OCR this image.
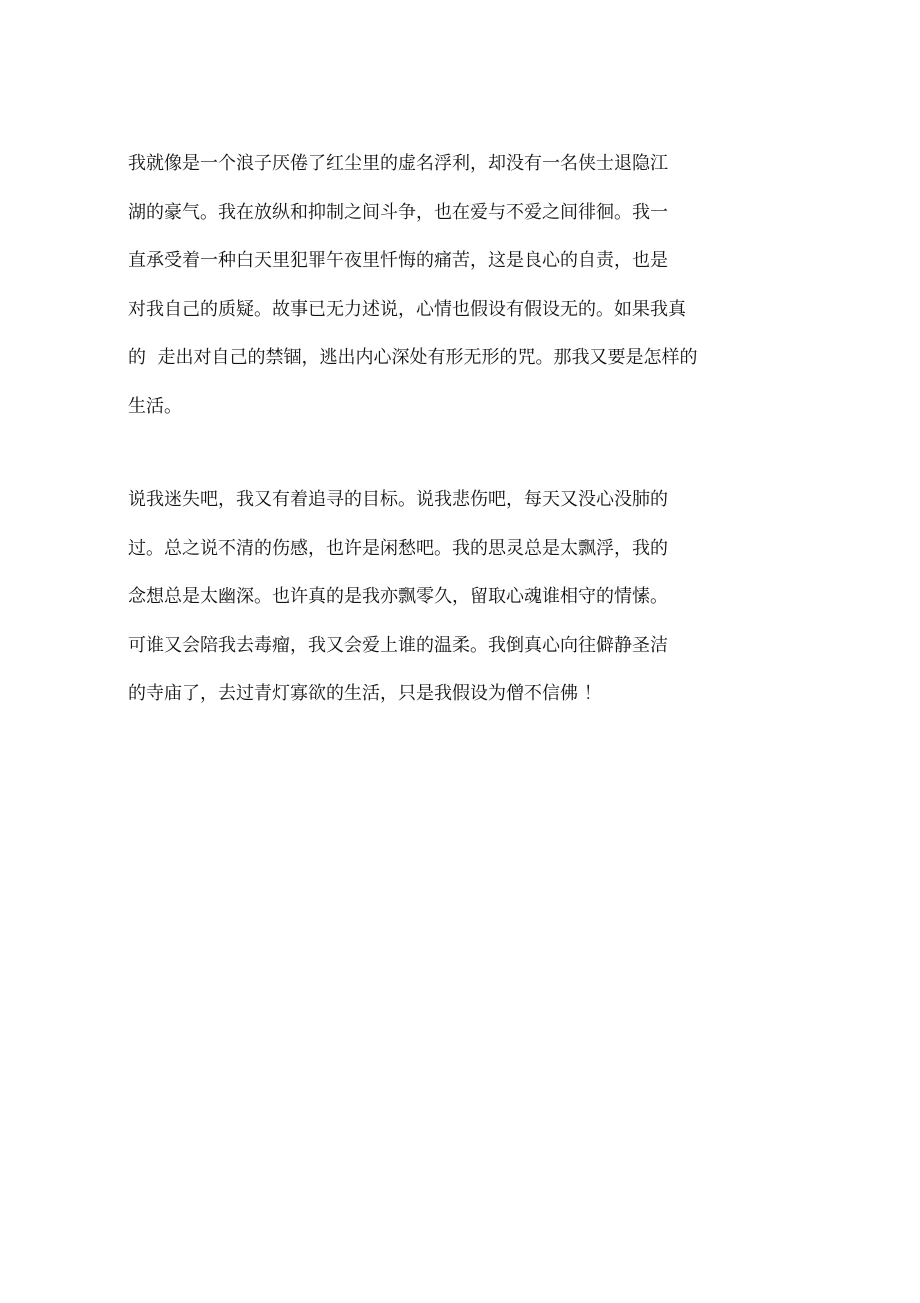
我就像是一个浪子厌倦了红尘里的虚名浮利，却没有一名侠士退隐江
湖的豪气。我在放纵和抑制之间斗争，也在爱与不爱之间徘徊。我一
直承受着一种白天里犯罪午夜里忏悔的痛苦，这是良心的自责，也是
对我自己的质疑。故事已无力述说，心情也假设有假设无的。如果我真
的  走出对自己的禁锢，逃出内心深处有形无形的咒。那我又要是怎样的
生活。
说我迷失吧，我又有着追寻的目标。说我悲伤吧，每天又没心没肺的
过。总之说不清的伤感，也许是闲愁吧。我的思灵总是太飘浮，我的
念想总是太幽深。也许真的是我亦飘零久，留取心魂谁相守的情愫。
可谁又会陪我去毒瘤，我又会爱上谁的温柔。我倒真心向往僻静圣洁
的寺庙了，去过青灯寡欲的生活，只是我假设为僧不信佛 ！
